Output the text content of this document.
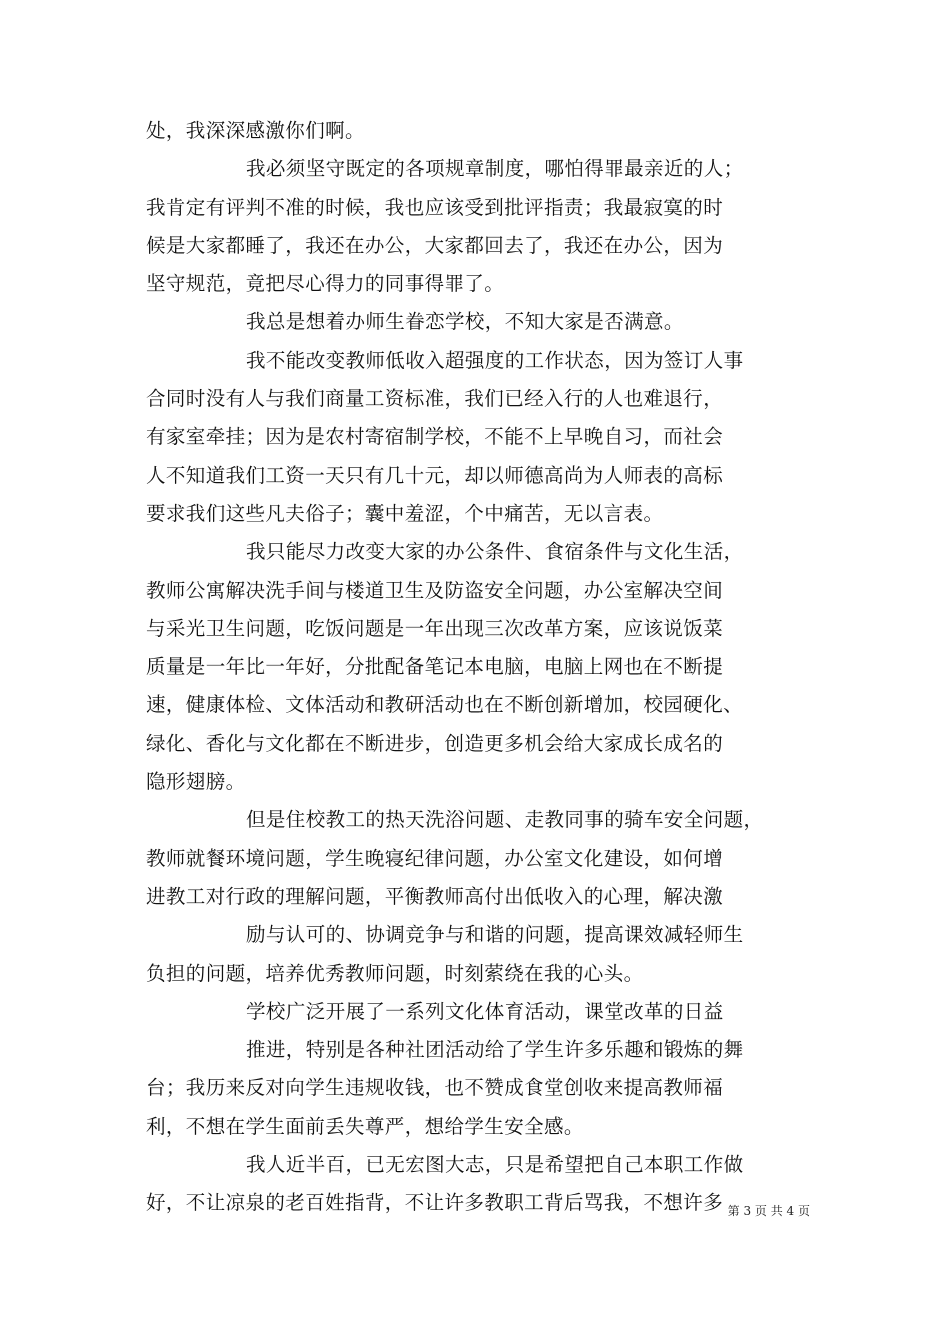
处，我深深感激你们啊。
我必须坚守既定的各项规章制度，哪怕得罪最亲近的人；
我肯定有评判不准的时候，我也应该受到批评指责；我最寂寞的时
候是大家都睡了，我还在办公，大家都回去了，我还在办公，因为
坚守规范，竟把尽心得力的同事得罪了。
我总是想着办师生眷恋学校，不知大家是否满意。
我不能改变教师低收入超强度的工作状态，因为签订人事
合同时没有人与我们商量工资标准，我们已经入行的人也难退行，
有家室牵挂；因为是农村寄宿制学校，不能不上早晚自习，而社会
人不知道我们工资一天只有几十元，却以师德高尚为人师表的高标
要求我们这些凡夫俗子；囊中羞涩，个中痛苦，无以言表。
我只能尽力改变大家的办公条件、食宿条件与文化生活，
教师公寓解决洗手间与楼道卫生及防盗安全问题，办公室解决空间
与采光卫生问题，吃饭问题是一年出现三次改革方案，应该说饭菜
质量是一年比一年好，分批配备笔记本电脑，电脑上网也在不断提
速，健康体检、文体活动和教研活动也在不断创新增加，校园硬化、
绿化、香化与文化都在不断进步，创造更多机会给大家成长成名的
隐形翅膀。
但是住校教工的热天洗浴问题、走教同事的骑车安全问题，
教师就餐环境问题，学生晚寝纪律问题，办公室文化建设，如何增
进教工对行政的理解问题，平衡教师高付出低收入的心理，解决激
励与认可的、协调竞争与和谐的问题，提高课效减轻师生
负担的问题，培养优秀教师问题，时刻萦绕在我的心头。
学校广泛开展了一系列文化体育活动，课堂改革的日益
推进，特别是各种社团活动给了学生许多乐趣和锻炼的舞
台；我历来反对向学生违规收钱，也不赞成食堂创收来提高教师福
利，不想在学生面前丢失尊严，想给学生安全感。
我人近半百，已无宏图大志，只是希望把自己本职工作做
好，不让凉泉的老百姓指背，不让许多教职工背后骂我，不想许多 第 3 页 共 4 页
